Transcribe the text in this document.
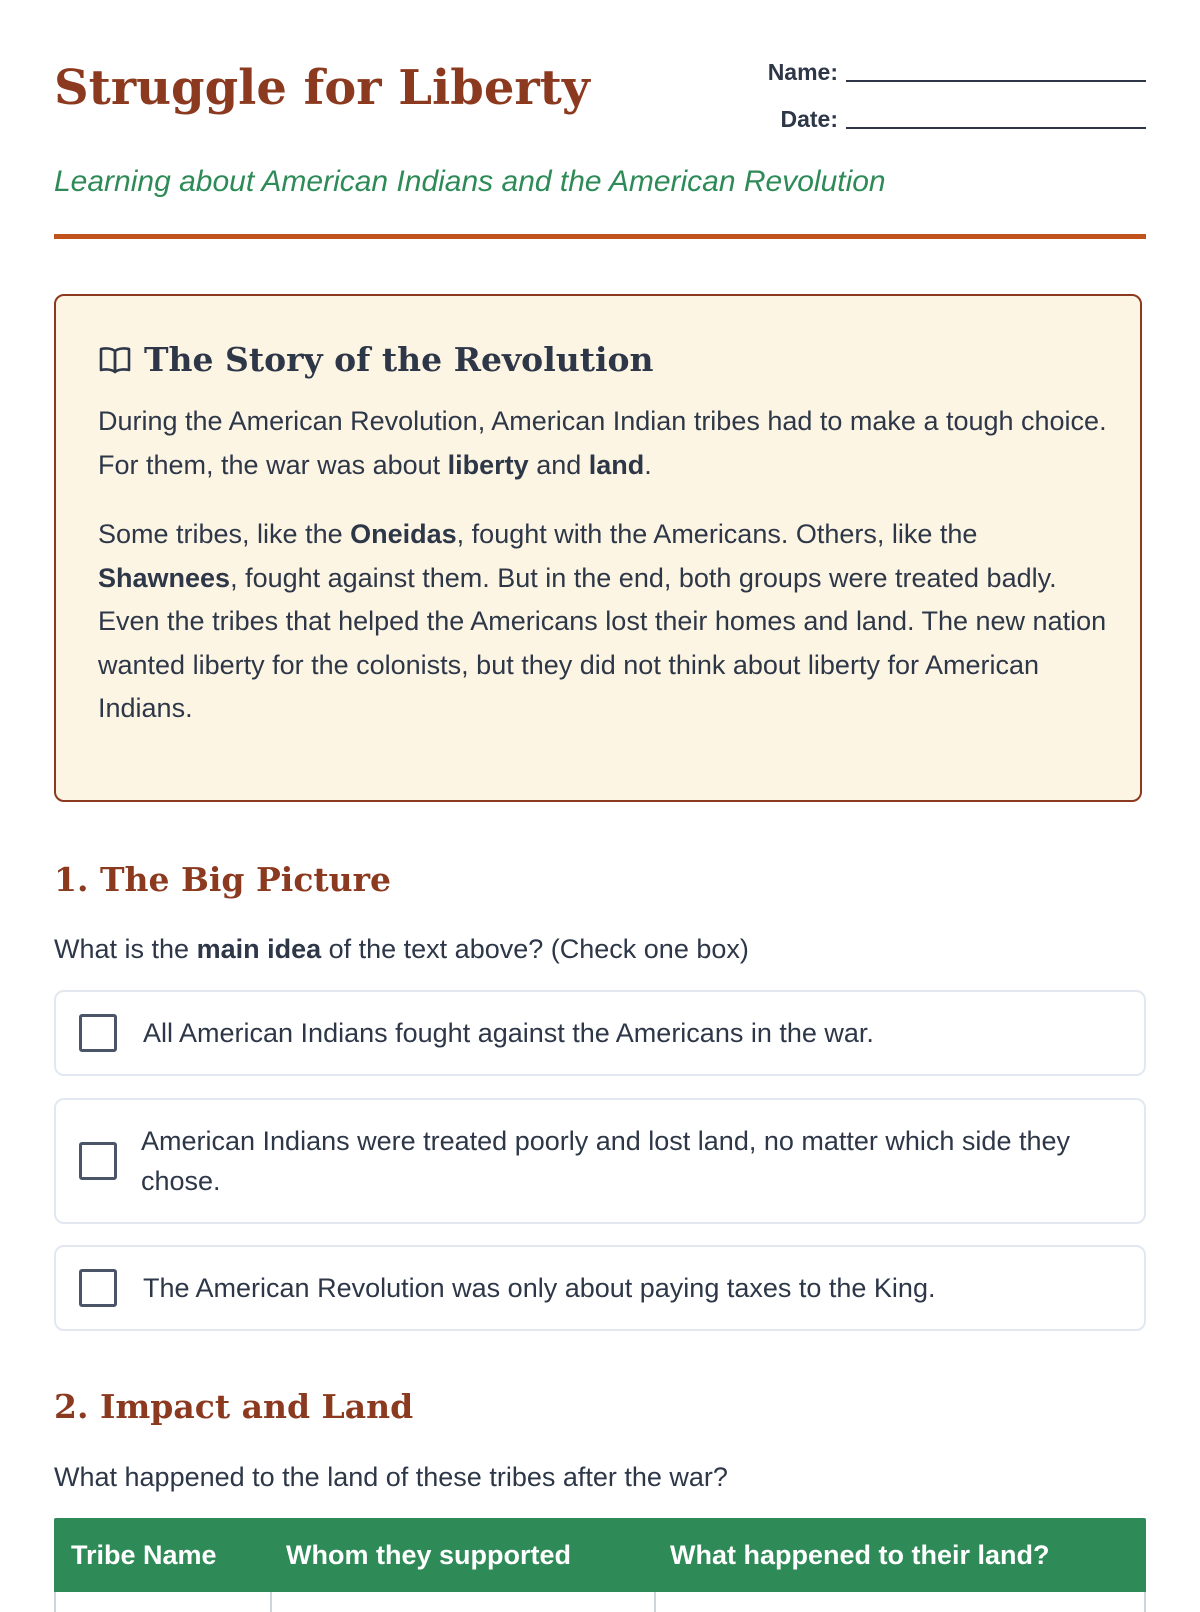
Struggle for Liberty	Name:
Date:

Learning about American Indians and the American Revolution

The Story of the Revolution

During the American Revolution, American Indian tribes had to make a tough choice. For them, the war was about liberty and land.

Some tribes, like the Oneidas, fought with the Americans. Others, like the Shawnees, fought against them. But in the end, both groups were treated badly. Even the tribes that helped the Americans lost their homes and land. The new nation wanted liberty for the colonists, but they did not think about liberty for American Indians.

1. The Big Picture

What is the main idea of the text above? (Check one box)

All American Indians fought against the Americans in the war.
American Indians were treated poorly and lost land, no matter which side they chose.
The American Revolution was only about paying taxes to the King.
2. Impact and Land

What happened to the land of these tribes after the war?

Tribe Name	Whom they supported	What happened to their land?
